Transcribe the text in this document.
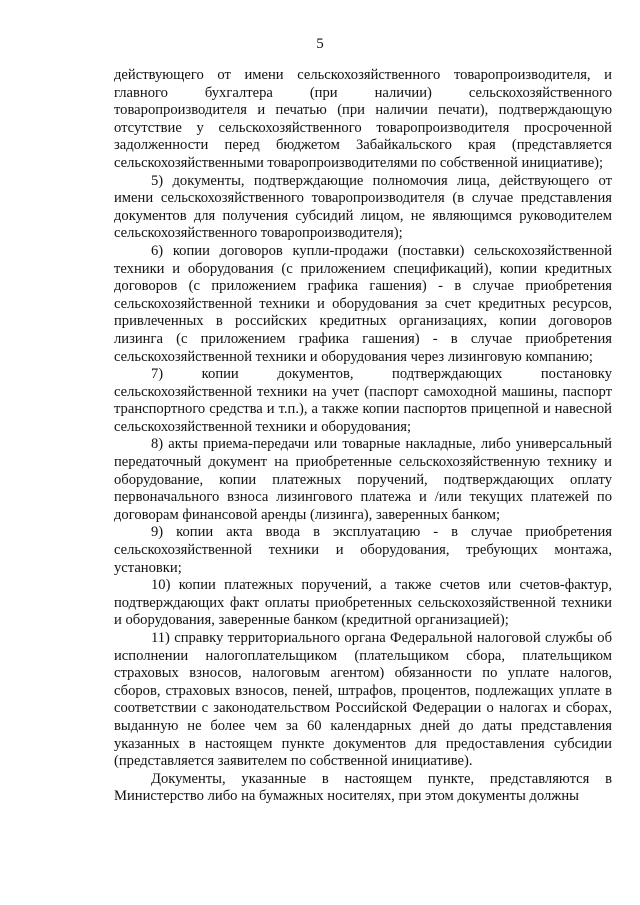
5

действующего от имени сельскохозяйственного товаропроизводителя, и главного бухгалтера (при наличии) сельскохозяйственного товаропроизводителя и печатью (при наличии печати), подтверждающую отсутствие у сельскохозяйственного товаропроизводителя просроченной задолженности перед бюджетом Забайкальского края (представляется сельскохозяйственными товаропроизводителями по собственной инициативе);

5) документы, подтверждающие полномочия лица, действующего от имени сельскохозяйственного товаропроизводителя (в случае представления документов для получения субсидий лицом, не являющимся руководителем сельскохозяйственного товаропроизводителя);

6) копии договоров купли-продажи (поставки) сельскохозяйственной техники и оборудования (с приложением спецификаций), копии кредитных договоров (с приложением графика гашения) - в случае приобретения сельскохозяйственной техники и оборудования за счет кредитных ресурсов, привлеченных в российских кредитных организациях, копии договоров лизинга (с приложением графика гашения) - в случае приобретения сельскохозяйственной техники и оборудования через лизинговую компанию;

7) копии документов, подтверждающих постановку сельскохозяйственной техники на учет (паспорт самоходной машины, паспорт транспортного средства и т.п.), а также копии паспортов прицепной и навесной сельскохозяйственной техники и оборудования;

8) акты приема-передачи или товарные накладные, либо универсальный передаточный документ на приобретенные сельскохозяйственную технику и оборудование, копии платежных поручений, подтверждающих оплату первоначального взноса лизингового платежа и /или текущих платежей по договорам финансовой аренды (лизинга), заверенных банком;

9) копии акта ввода в эксплуатацию - в случае приобретения сельскохозяйственной техники и оборудования, требующих монтажа, установки;

10) копии платежных поручений, а также счетов или счетов-фактур, подтверждающих факт оплаты приобретенных сельскохозяйственной техники и оборудования, заверенные банком (кредитной организацией);

11) справку территориального органа Федеральной налоговой службы об исполнении налогоплательщиком (плательщиком сбора, плательщиком страховых взносов, налоговым агентом) обязанности по уплате налогов, сборов, страховых взносов, пеней, штрафов, процентов, подлежащих уплате в соответствии с законодательством Российской Федерации о налогах и сборах, выданную не более чем за 60 календарных дней до даты представления указанных в настоящем пункте документов для предоставления субсидии (представляется заявителем по собственной инициативе).

Документы, указанные в настоящем пункте, представляются в Министерство либо на бумажных носителях, при этом документы должны
